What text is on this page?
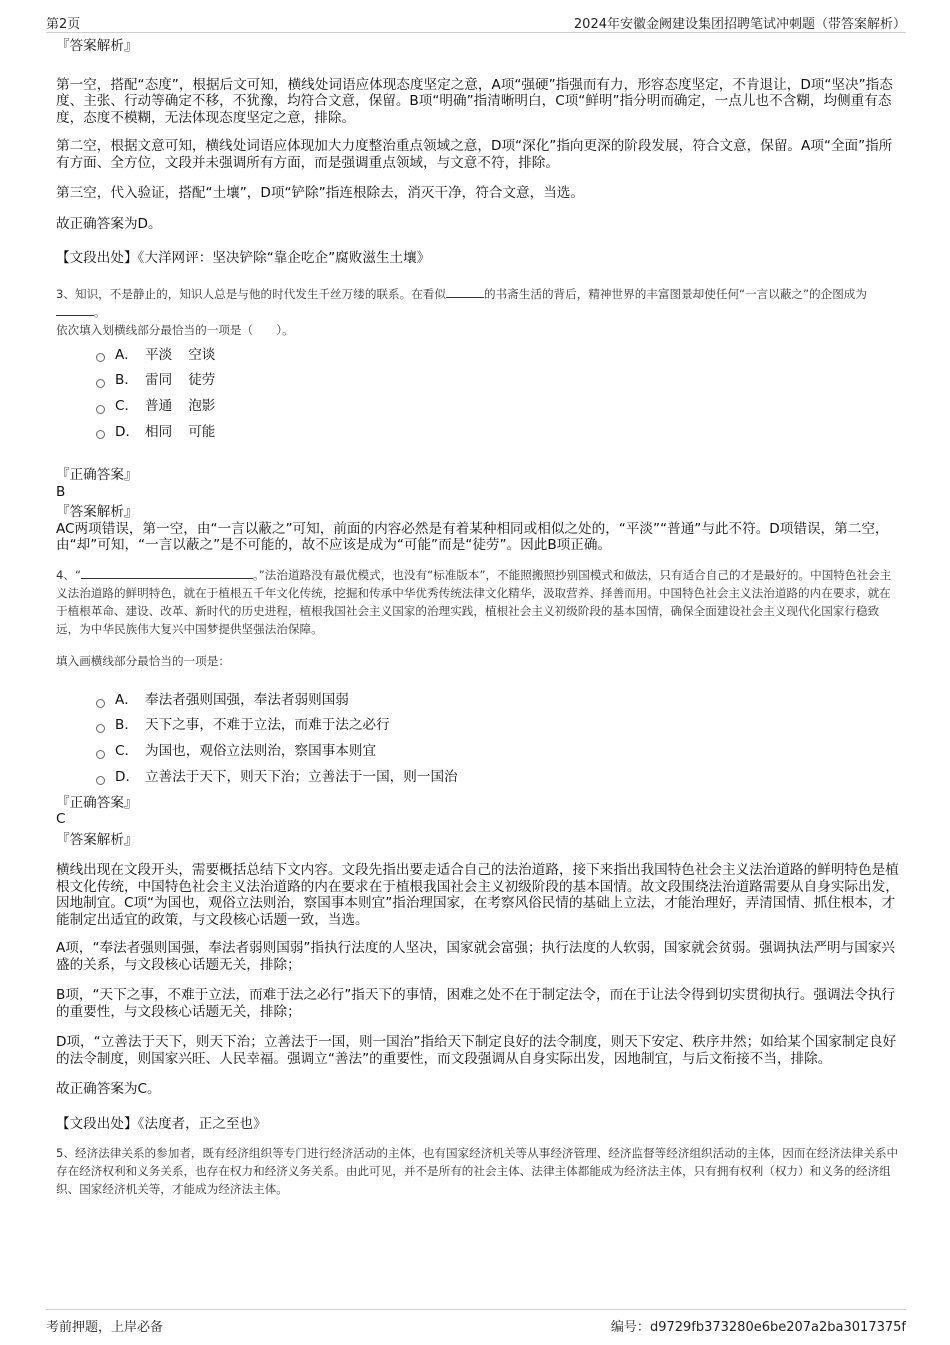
第2页	2024年安徽金阙建设集团招聘笔试冲刺题（带答案解析）

『答案解析』

第一空，搭配“态度”，根据后文可知，横线处词语应体现态度坚定之意，A项“强硬”指强而有力，形容态度坚定，不肯退让，D项“坚决”指态度、主张、行动等确定不移，不犹豫，均符合文意，保留。B项“明确”指清晰明白，C项“鲜明”指分明而确定，一点儿也不含糊，均侧重有态度，态度不模糊，无法体现态度坚定之意，排除。

第二空，根据文意可知，横线处词语应体现加大力度整治重点领域之意，D项“深化”指向更深的阶段发展，符合文意，保留。A项“全面”指所有方面、全方位，文段并未强调所有方面，而是强调重点领域，与文意不符，排除。

第三空，代入验证，搭配“土壤”，D项“铲除”指连根除去，消灭干净，符合文意，当选。

故正确答案为D。

【文段出处】《大洋网评：坚决铲除“靠企吃企”腐败滋生土壤》

3、知识，不是静止的，知识人总是与他的时代发生千丝万缕的联系。在看似	的书斋生活的背后，精神世界的丰富图景却使任何“一言以蔽之”的企图成为。

依次填入划横线部分最恰当的一项是（　　）。

A． 平淡 空谈
B． 雷同 徒劳
C． 普通 泡影
D． 相同 可能

『正确答案』

B

『答案解析』

AC两项错误，第一空，由“一言以蔽之”可知，前面的内容必然是有着某种相同或相似之处的，“平淡”“普通”与此不符。D项错误，第二空，由“却”可知，“一言以蔽之”是不可能的，故不应该是成为“可能”而是“徒劳”。因此B项正确。

4、“	。”法治道路没有最优模式，也没有“标准版本”，不能照搬照抄别国模式和做法，只有适合自己的才是最好的。中国特色社会主义法治道路的鲜明特色，就在于植根五千年文化传统，挖掘和传承中华优秀传统法律文化精华，汲取营养、择善而用。中国特色社会主义法治道路的内在要求，就在于植根革命、建设、改革、新时代的历史进程，植根我国社会主义国家的治理实践，植根社会主义初级阶段的基本国情，确保全面建设社会主义现代化国家行稳致远，为中华民族伟大复兴中国梦提供坚强法治保障。

填入画横线部分最恰当的一项是：

A． 奉法者强则国强，奉法者弱则国弱
B． 天下之事，不难于立法，而难于法之必行
C． 为国也，观俗立法则治，察国事本则宜
D． 立善法于天下，则天下治；立善法于一国，则一国治

『正确答案』

C

『答案解析』

横线出现在文段开头，需要概括总结下文内容。文段先指出要走适合自己的法治道路，接下来指出我国特色社会主义法治道路的鲜明特色是植根文化传统，中国特色社会主义法治道路的内在要求在于植根我国社会主义初级阶段的基本国情。故文段围绕法治道路需要从自身实际出发，因地制宜。C项“为国也，观俗立法则治，察国事本则宜”指治理国家，在考察风俗民情的基础上立法，才能治理好，弄清国情、抓住根本，才能制定出适宜的政策，与文段核心话题一致，当选。

A项，“奉法者强则国强，奉法者弱则国弱”指执行法度的人坚决，国家就会富强；执行法度的人软弱，国家就会贫弱。强调执法严明与国家兴盛的关系，与文段核心话题无关，排除；

B项，“天下之事，不难于立法，而难于法之必行”指天下的事情，困难之处不在于制定法令，而在于让法令得到切实贯彻执行。强调法令执行的重要性，与文段核心话题无关，排除；

D项，“立善法于天下，则天下治；立善法于一国，则一国治”指给天下制定良好的法令制度，则天下安定、秩序井然；如给某个国家制定良好的法令制度，则国家兴旺、人民幸福。强调立“善法”的重要性，而文段强调从自身实际出发，因地制宜，与后文衔接不当，排除。

故正确答案为C。

【文段出处】《法度者，正之至也》

5、经济法律关系的参加者，既有经济组织等专门进行经济活动的主体，也有国家经济机关等从事经济管理、经济监督等经济组织活动的主体，因而在经济法律关系中存在经济权利和义务关系，也存在权力和经济义务关系。由此可见，并不是所有的社会主体、法律主体都能成为经济法主体，只有拥有权利（权力）和义务的经济组织、国家经济机关等，才能成为经济法主体。

考前押题，上岸必备	编号：d9729fb373280e6be207a2ba3017375f
